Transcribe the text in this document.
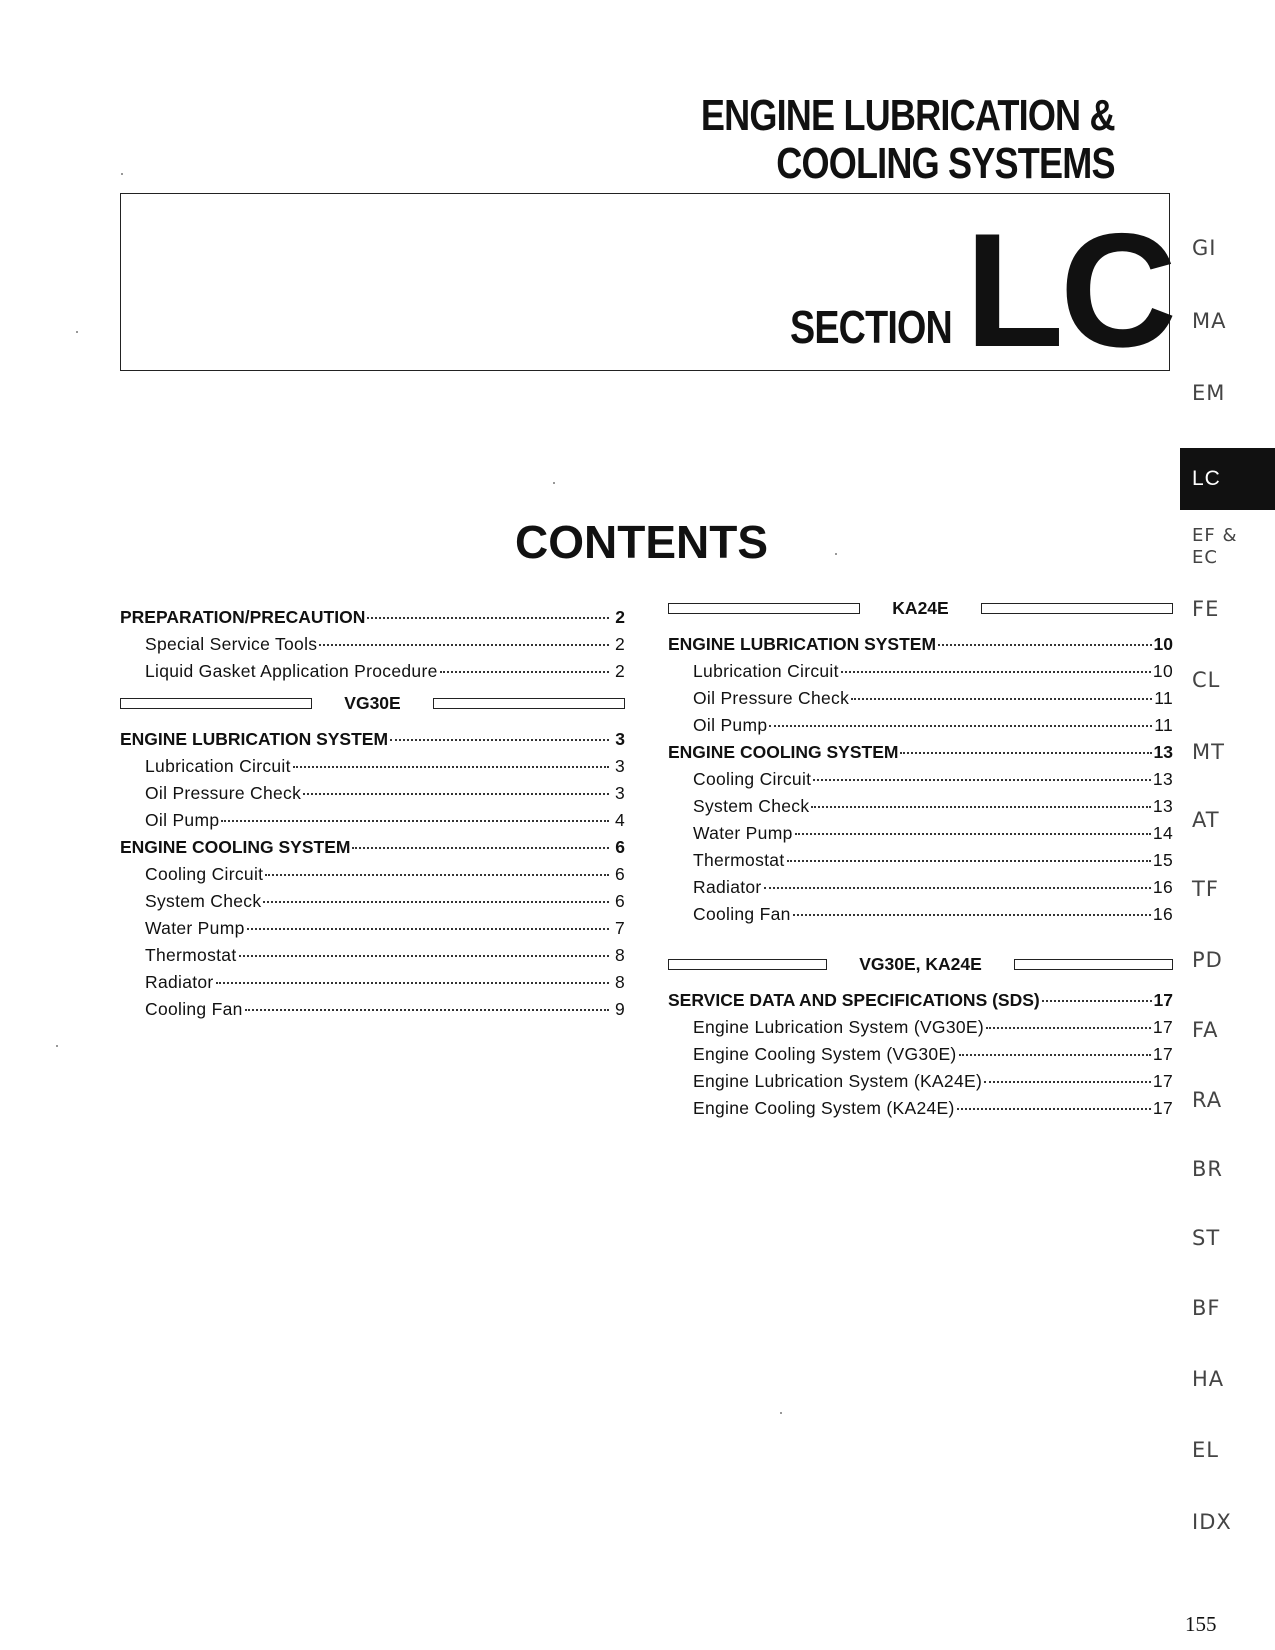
ENGINE LUBRICATION &
COOLING SYSTEMS
SECTION LC
CONTENTS
PREPARATION/PRECAUTION	2
Special Service Tools	2
Liquid Gasket Application Procedure	2
VG30E
ENGINE LUBRICATION SYSTEM	3
Lubrication Circuit	3
Oil Pressure Check	3
Oil Pump	4
ENGINE COOLING SYSTEM	6
Cooling Circuit	6
System Check	6
Water Pump	7
Thermostat	8
Radiator	8
Cooling Fan	9
KA24E
ENGINE LUBRICATION SYSTEM	10
Lubrication Circuit	10
Oil Pressure Check	11
Oil Pump	11
ENGINE COOLING SYSTEM	13
Cooling Circuit	13
System Check	13
Water Pump	14
Thermostat	15
Radiator	16
Cooling Fan	16
VG30E, KA24E
SERVICE DATA AND SPECIFICATIONS (SDS)	17
Engine Lubrication System (VG30E)	17
Engine Cooling System (VG30E)	17
Engine Lubrication System (KA24E)	17
Engine Cooling System (KA24E)	17
GI
MA
EM
LC
EF &
EC
FE
CL
MT
AT
TF
PD
FA
RA
BR
ST
BF
HA
EL
IDX
155
